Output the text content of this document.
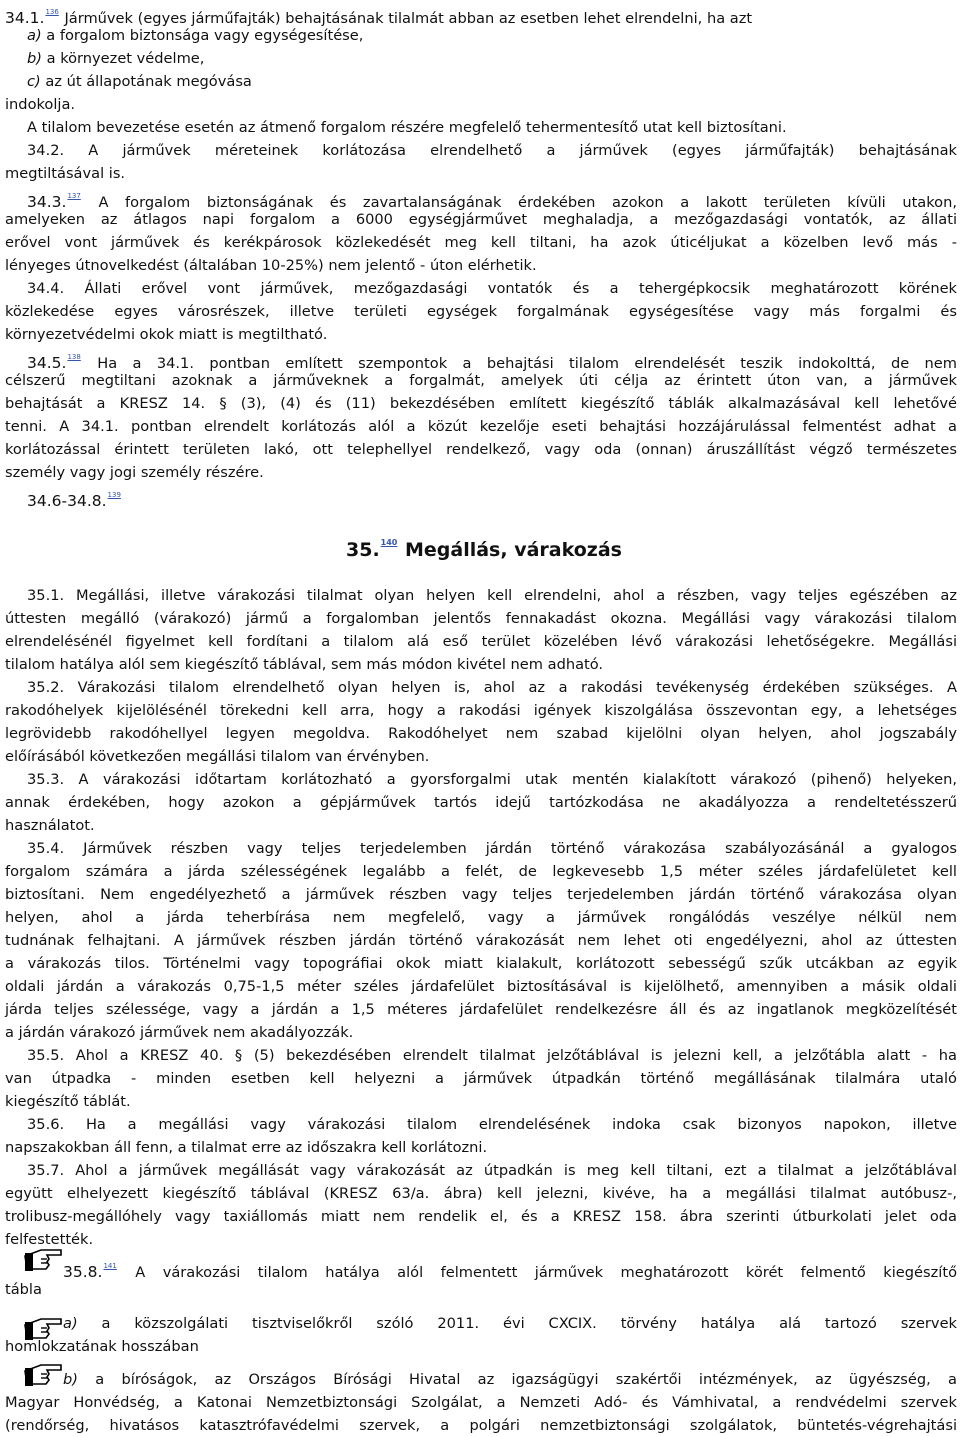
34.1.$^{136}$ Járművek (egyes járműfajták) behajtásának tilalmát abban az esetben lehet elrendelni, ha azt
a) a forgalom biztonsága vagy egységesítése,
b) a környezet védelme,
c) az út állapotának megóvása
indokolja.
A tilalom bevezetése esetén az átmenő forgalom részére megfelelő tehermentesítő utat kell biztosítani.
34.2. A járművek méreteinek korlátozása elrendelhető a járművek (egyes járműfajták) behajtásának
megtiltásával is.
34.3.$^{137}$ A forgalom biztonságának és zavartalanságának érdekében azokon a lakott területen kívüli utakon,
amelyeken az átlagos napi forgalom a 6000 egységjárművet meghaladja, a mezőgazdasági vontatók, az állati
erővel vont járművek és kerékpárosok közlekedését meg kell tiltani, ha azok úticéljukat a közelben levő más -
lényeges útnovelkedést (általában 10-25%) nem jelentő - úton elérhetik.
34.4. Állati erővel vont járművek, mezőgazdasági vontatók és a tehergépkocsik meghatározott körének
közlekedése egyes városrészek, illetve területi egységek forgalmának egységesítése vagy más forgalmi és
környezetvédelmi okok miatt is megtiltható.
34.5.$^{138}$ Ha a 34.1. pontban említett szempontok a behajtási tilalom elrendelését teszik indokolttá, de nem
célszerű megtiltani azoknak a járműveknek a forgalmát, amelyek úti célja az érintett úton van, a járművek
behajtását a KRESZ 14. § (3), (4) és (11) bekezdésében említett kiegészítő táblák alkalmazásával kell lehetővé
tenni. A 34.1. pontban elrendelt korlátozás alól a közút kezelője eseti behajtási hozzájárulással felmentést adhat a
korlátozással érintett területen lakó, ott telephellyel rendelkező, vagy oda (onnan) áruszállítást végző természetes
személy vagy jogi személy részére.
34.6-34.8.$^{139}$
35.$^{140}$ Megállás, várakozás
35.1. Megállási, illetve várakozási tilalmat olyan helyen kell elrendelni, ahol a részben, vagy teljes egészében az
úttesten megálló (várakozó) jármű a forgalomban jelentős fennakadást okozna. Megállási vagy várakozási tilalom
elrendelésénél figyelmet kell fordítani a tilalom alá eső terület közelében lévő várakozási lehetőségekre. Megállási
tilalom hatálya alól sem kiegészítő táblával, sem más módon kivétel nem adható.
35.2. Várakozási tilalom elrendelhető olyan helyen is, ahol az a rakodási tevékenység érdekében szükséges. A
rakodóhelyek kijelölésénél törekedni kell arra, hogy a rakodási igények kiszolgálása összevontan egy, a lehetséges
legrövidebb rakodóhellyel legyen megoldva. Rakodóhelyet nem szabad kijelölni olyan helyen, ahol jogszabály
előírásából következően megállási tilalom van érvényben.
35.3. A várakozási időtartam korlátozható a gyorsforgalmi utak mentén kialakított várakozó (pihenő) helyeken,
annak érdekében, hogy azokon a gépjárművek tartós idejű tartózkodása ne akadályozza a rendeltetésszerű
használatot.
35.4. Járművek részben vagy teljes terjedelemben járdán történő várakozása szabályozásánál a gyalogos
forgalom számára a járda szélességének legalább a felét, de legkevesebb 1,5 méter széles járdafelületet kell
biztosítani. Nem engedélyezhető a járművek részben vagy teljes terjedelemben járdán történő várakozása olyan
helyen, ahol a járda teherbírása nem megfelelő, vagy a járművek rongálódás veszélye nélkül nem
tudnának felhajtani. A járművek részben járdán történő várakozását nem lehet oti engedélyezni, ahol az úttesten
a várakozás tilos. Történelmi vagy topográfiai okok miatt kialakult, korlátozott sebességű szűk utcákban az egyik
oldali járdán a várakozás 0,75-1,5 méter széles járdafelület biztosításával is kijelölhető, amennyiben a másik oldali
járda teljes szélessége, vagy a járdán a 1,5 méteres járdafelület rendelkezésre áll és az ingatlanok megközelítését
a járdán várakozó járművek nem akadályozzák.
35.5. Ahol a KRESZ 40. § (5) bekezdésében elrendelt tilalmat jelzőtáblával is jelezni kell, a jelzőtábla alatt - ha
van útpadka - minden esetben kell helyezni a járművek útpadkán történő megállásának tilalmára utaló
kiegészítő táblát.
35.6. Ha a megállási vagy várakozási tilalom elrendelésének indoka csak bizonyos napokon, illetve
napszakokban áll fenn, a tilalmat erre az időszakra kell korlátozni.
35.7. Ahol a járművek megállását vagy várakozását az útpadkán is meg kell tiltani, ezt a tilalmat a jelzőtáblával
együtt elhelyezett kiegészítő táblával (KRESZ 63/a. ábra) kell jelezni, kivéve, ha a megállási tilalmat autóbusz-,
trolibusz-megállóhely vagy taxiállomás miatt nem rendelik el, és a KRESZ 158. ábra szerinti útburkolati jelet oda
felfestették.
35.8.$^{141}$ A várakozási tilalom hatálya alól felmentett járművek meghatározott körét felmentő kiegészítő
tábla
a) a közszolgálati tisztviselőkről szóló 2011. évi CXCIX. törvény hatálya alá tartozó szervek
homlokzatának hosszában
b) a bíróságok, az Országos Bírósági Hivatal az igazságügyi szakértői intézmények, az ügyészség, a
Magyar Honvédség, a Katonai Nemzetbiztonsági Szolgálat, a Nemzeti Adó- és Vámhivatal, a rendvédelmi szervek
(rendőrség, hivatásos katasztrófavédelmi szervek, a polgári nemzetbiztonsági szolgálatok, büntetés-végrehajtási
